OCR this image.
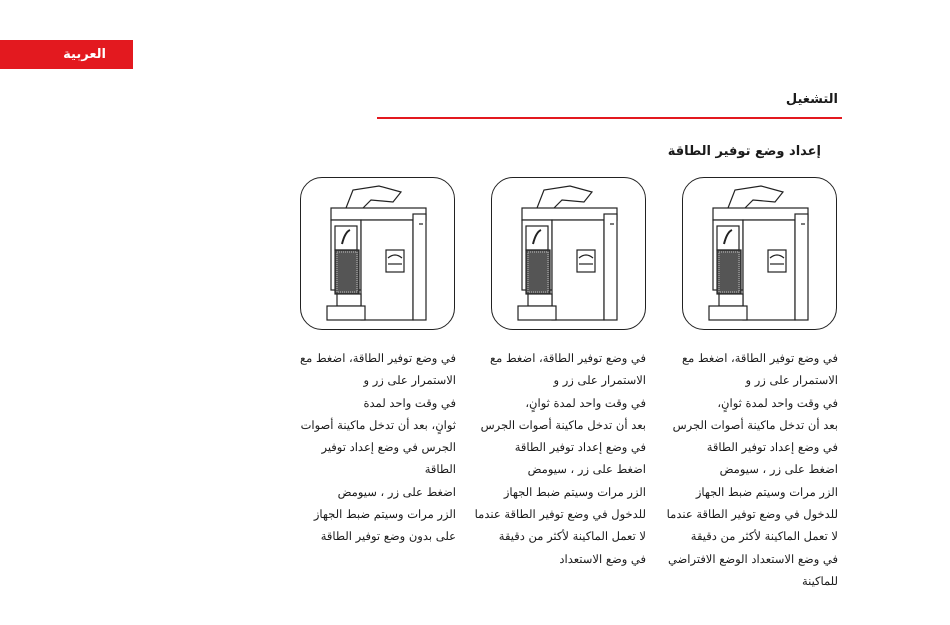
العربية
التشغيل
إعداد وضع توفير الطاقة

في وضع توفير الطاقة، اضغط مع

الاستمرار على زر و

في وقت واحد لمدة ثوانٍ،

بعد أن تدخل ماكينة أصوات الجرس

في وضع إعداد توفير الطاقة

اضغط على زر ، سيومض

الزر مرات وسيتم ضبط الجهاز

للدخول في وضع توفير الطاقة عندما

لا تعمل الماكينة لأكثر من دقيقة

في وضع الاستعداد الوضع الافتراضي

للماكينة

في وضع توفير الطاقة، اضغط مع

الاستمرار على زر و

في وقت واحد لمدة ثوانٍ،

بعد أن تدخل ماكينة أصوات الجرس

في وضع إعداد توفير الطاقة

اضغط على زر ، سيومض

الزر مرات وسيتم ضبط الجهاز

للدخول في وضع توفير الطاقة عندما

لا تعمل الماكينة لأكثر من دقيقة

في وضع الاستعداد

في وضع توفير الطاقة، اضغط مع

الاستمرار على زر و

في وقت واحد لمدة

ثوانٍ، بعد أن تدخل ماكينة أصوات

الجرس في وضع إعداد توفير

الطاقة

اضغط على زر ، سيومض

الزر مرات وسيتم ضبط الجهاز

على بدون وضع توفير الطاقة
